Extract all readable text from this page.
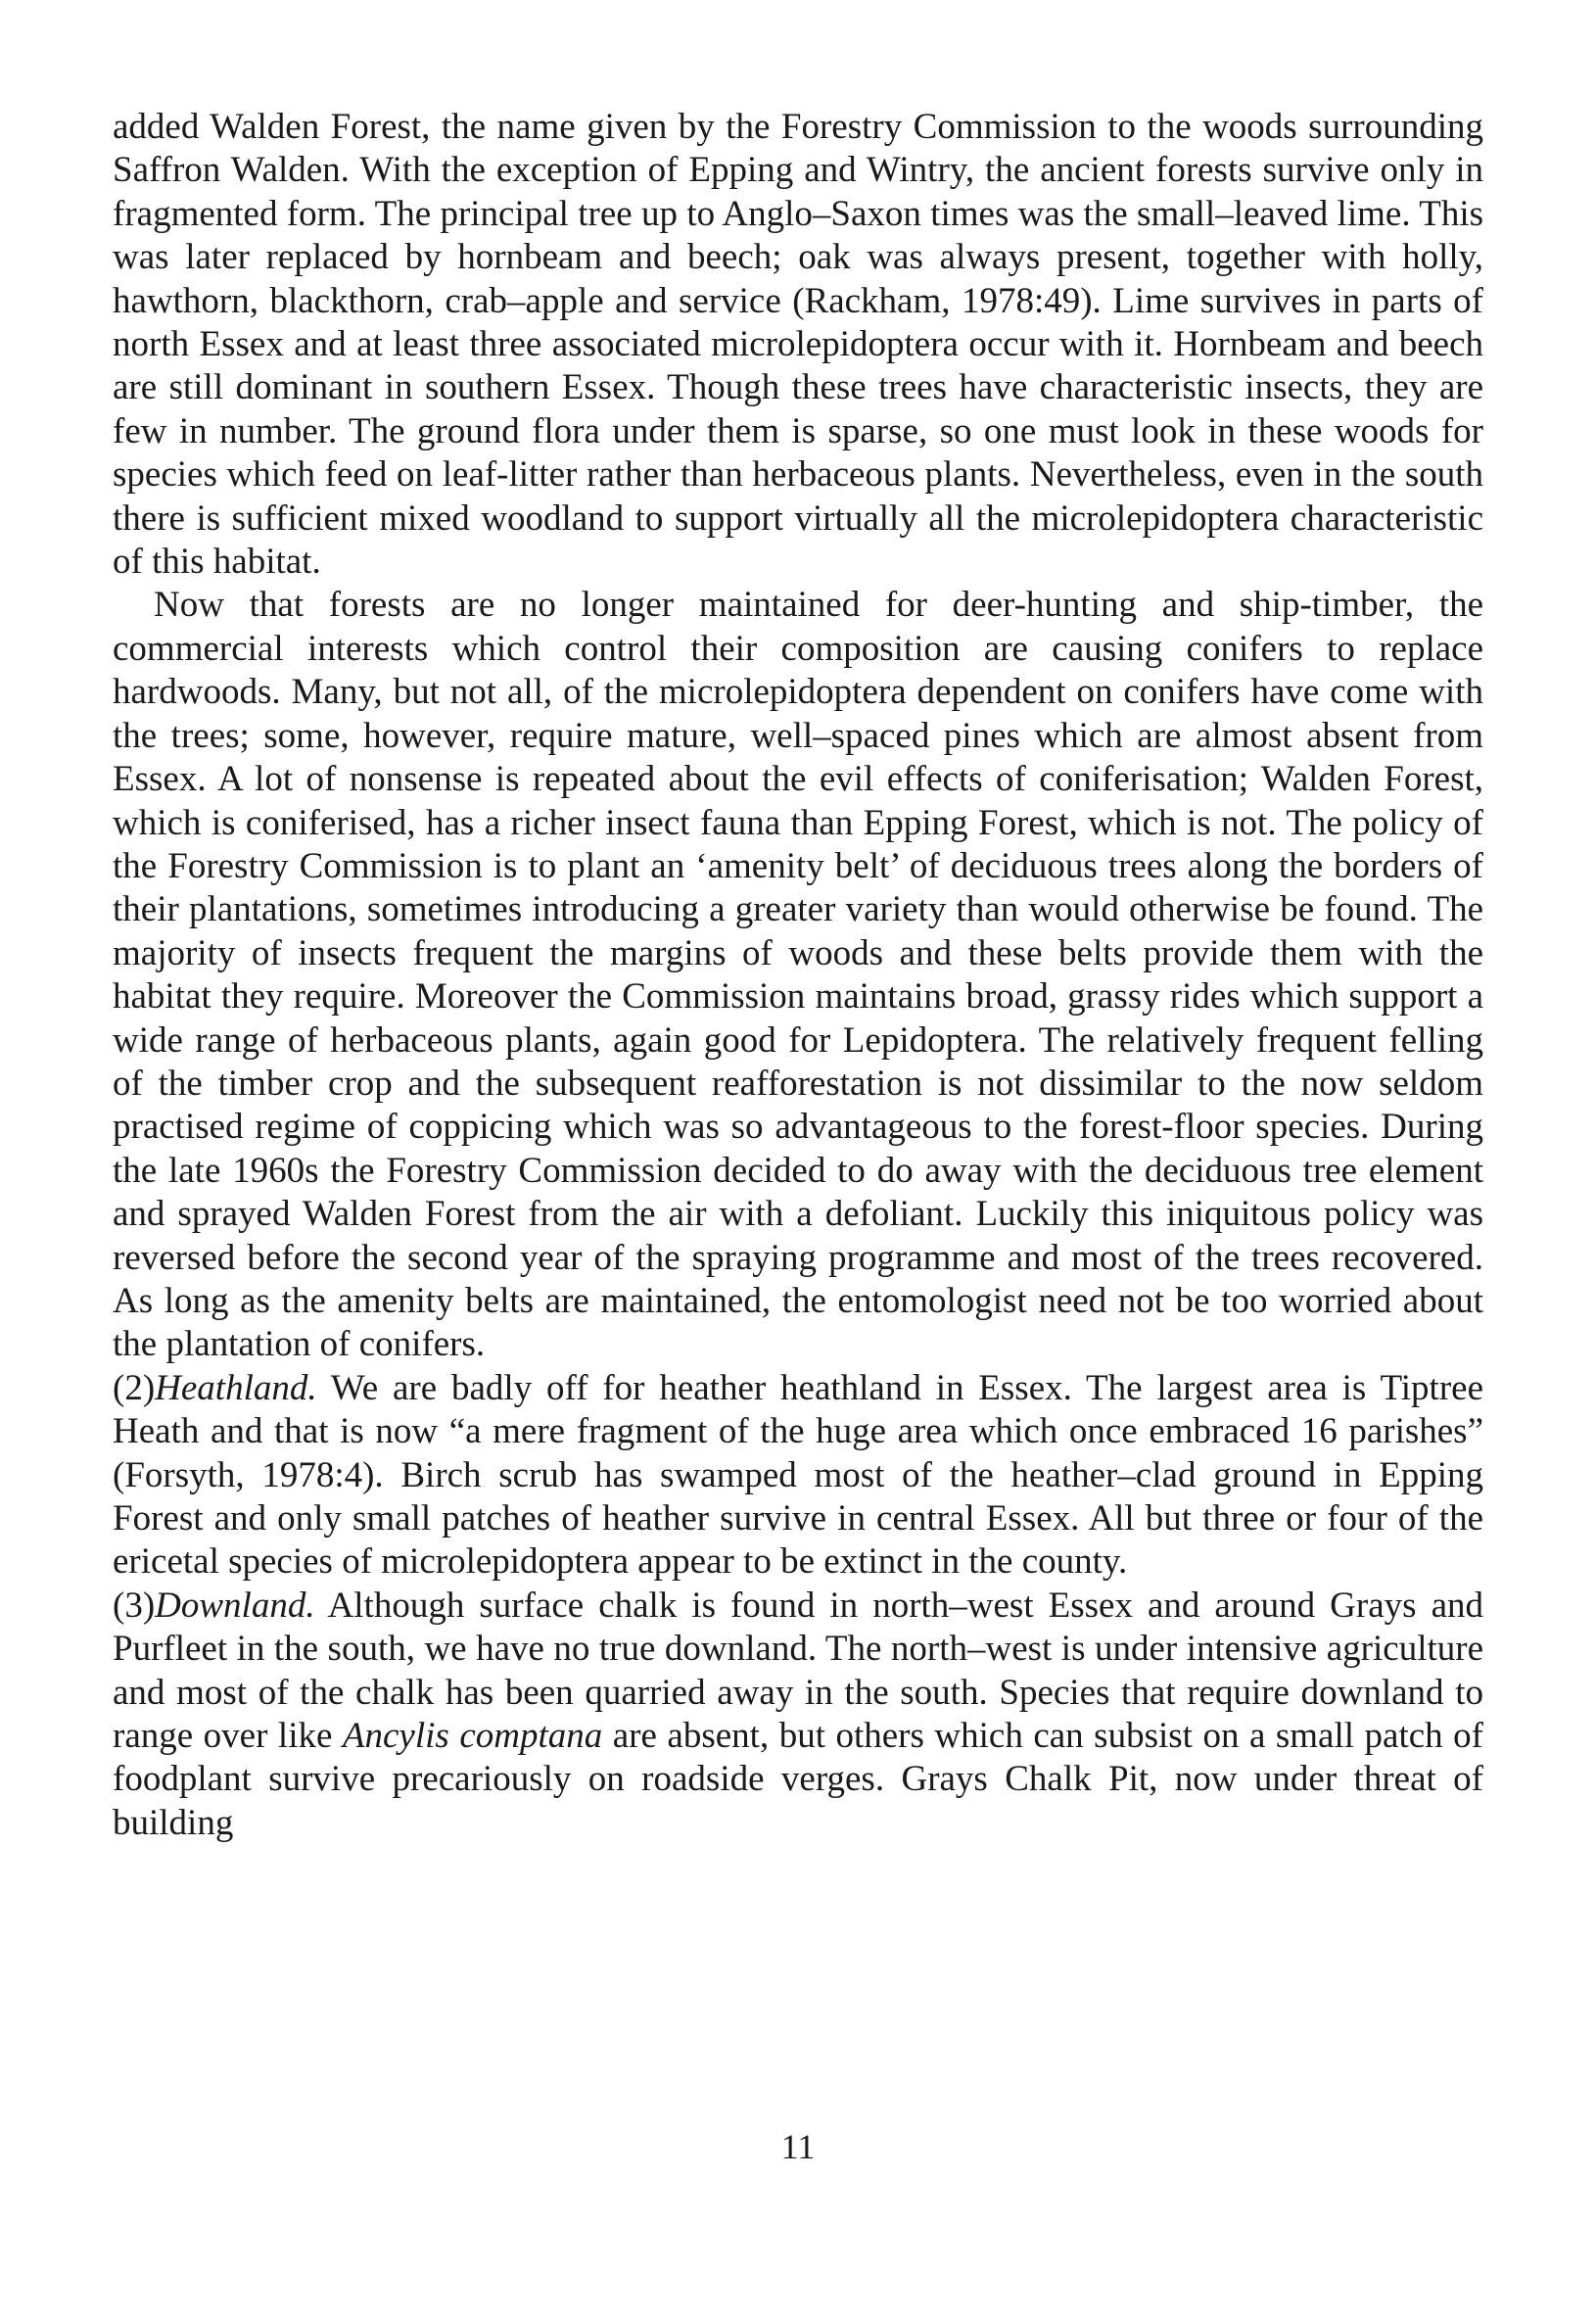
added Walden Forest, the name given by the Forestry Commission to the woods surrounding Saffron Walden. With the exception of Epping and Wintry, the ancient forests survive only in fragmented form. The principal tree up to Anglo–Saxon times was the small–leaved lime. This was later replaced by hornbeam and beech; oak was always present, together with holly, hawthorn, blackthorn, crab–apple and service (Rackham, 1978:49). Lime survives in parts of north Essex and at least three associated microlepidoptera occur with it. Hornbeam and beech are still dominant in southern Essex. Though these trees have characteristic insects, they are few in number. The ground flora under them is sparse, so one must look in these woods for species which feed on leaf-litter rather than herbaceous plants. Nevertheless, even in the south there is sufficient mixed woodland to support virtually all the microlepidoptera characteristic of this habitat.

Now that forests are no longer maintained for deer-hunting and ship-timber, the commercial interests which control their composition are causing conifers to replace hardwoods. Many, but not all, of the microlepidoptera dependent on conifers have come with the trees; some, however, require mature, well–spaced pines which are almost absent from Essex. A lot of nonsense is repeated about the evil effects of coniferisation; Walden Forest, which is coniferised, has a richer insect fauna than Epping Forest, which is not. The policy of the Forestry Commission is to plant an ‘amenity belt’ of deciduous trees along the borders of their plantations, sometimes introducing a greater variety than would otherwise be found. The majority of insects frequent the margins of woods and these belts provide them with the habitat they require. Moreover the Commission maintains broad, grassy rides which support a wide range of herbaceous plants, again good for Lepidoptera. The relatively frequent felling of the timber crop and the subsequent reafforestation is not dissimilar to the now seldom practised regime of coppicing which was so advantageous to the forest-floor species. During the late 1960s the Forestry Commission decided to do away with the deciduous tree element and sprayed Walden Forest from the air with a defoliant. Luckily this iniquitous policy was reversed before the second year of the spraying programme and most of the trees recovered. As long as the amenity belts are maintained, the entomologist need not be too worried about the plantation of conifers.

(2)Heathland. We are badly off for heather heathland in Essex. The largest area is Tiptree Heath and that is now “a mere fragment of the huge area which once embraced 16 parishes” (Forsyth, 1978:4). Birch scrub has swamped most of the heather–clad ground in Epping Forest and only small patches of heather survive in central Essex. All but three or four of the ericetal species of microlepidoptera appear to be extinct in the county.

(3)Downland. Although surface chalk is found in north–west Essex and around Grays and Purfleet in the south, we have no true downland. The north–west is under intensive agriculture and most of the chalk has been quarried away in the south. Species that require downland to range over like Ancylis comptana are absent, but others which can subsist on a small patch of foodplant survive precariously on roadside verges. Grays Chalk Pit, now under threat of building

11
